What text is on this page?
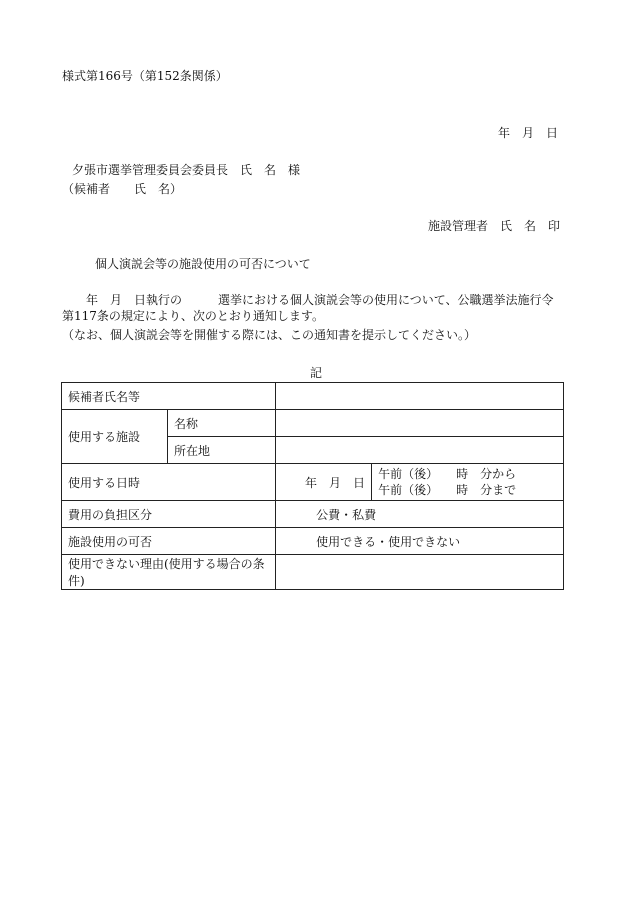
様式第166号（第152条関係）
年　月　日
夕張市選挙管理委員会委員長　氏　名　様
（候補者　　氏　名）
施設管理者　氏　名　印
個人演説会等の施設使用の可否について
　　年　月　日執行の　　　選挙における個人演説会等の使用について、公職選挙法施行令
第117条の規定により、次のとおり通知します。
（なお、個人演説会等を開催する際には、この通知書を提示してください。）
記
候補者氏名等			
使用する施設	名称		
	所在地		
使用する日時		年　月　日	午前（後）　　時　分から
午前（後）　　時　分まで

費用の負担区分		公費・私費	
施設使用の可否		使用できる・使用できない	
使用できない理由(使用する場合の条件)			
